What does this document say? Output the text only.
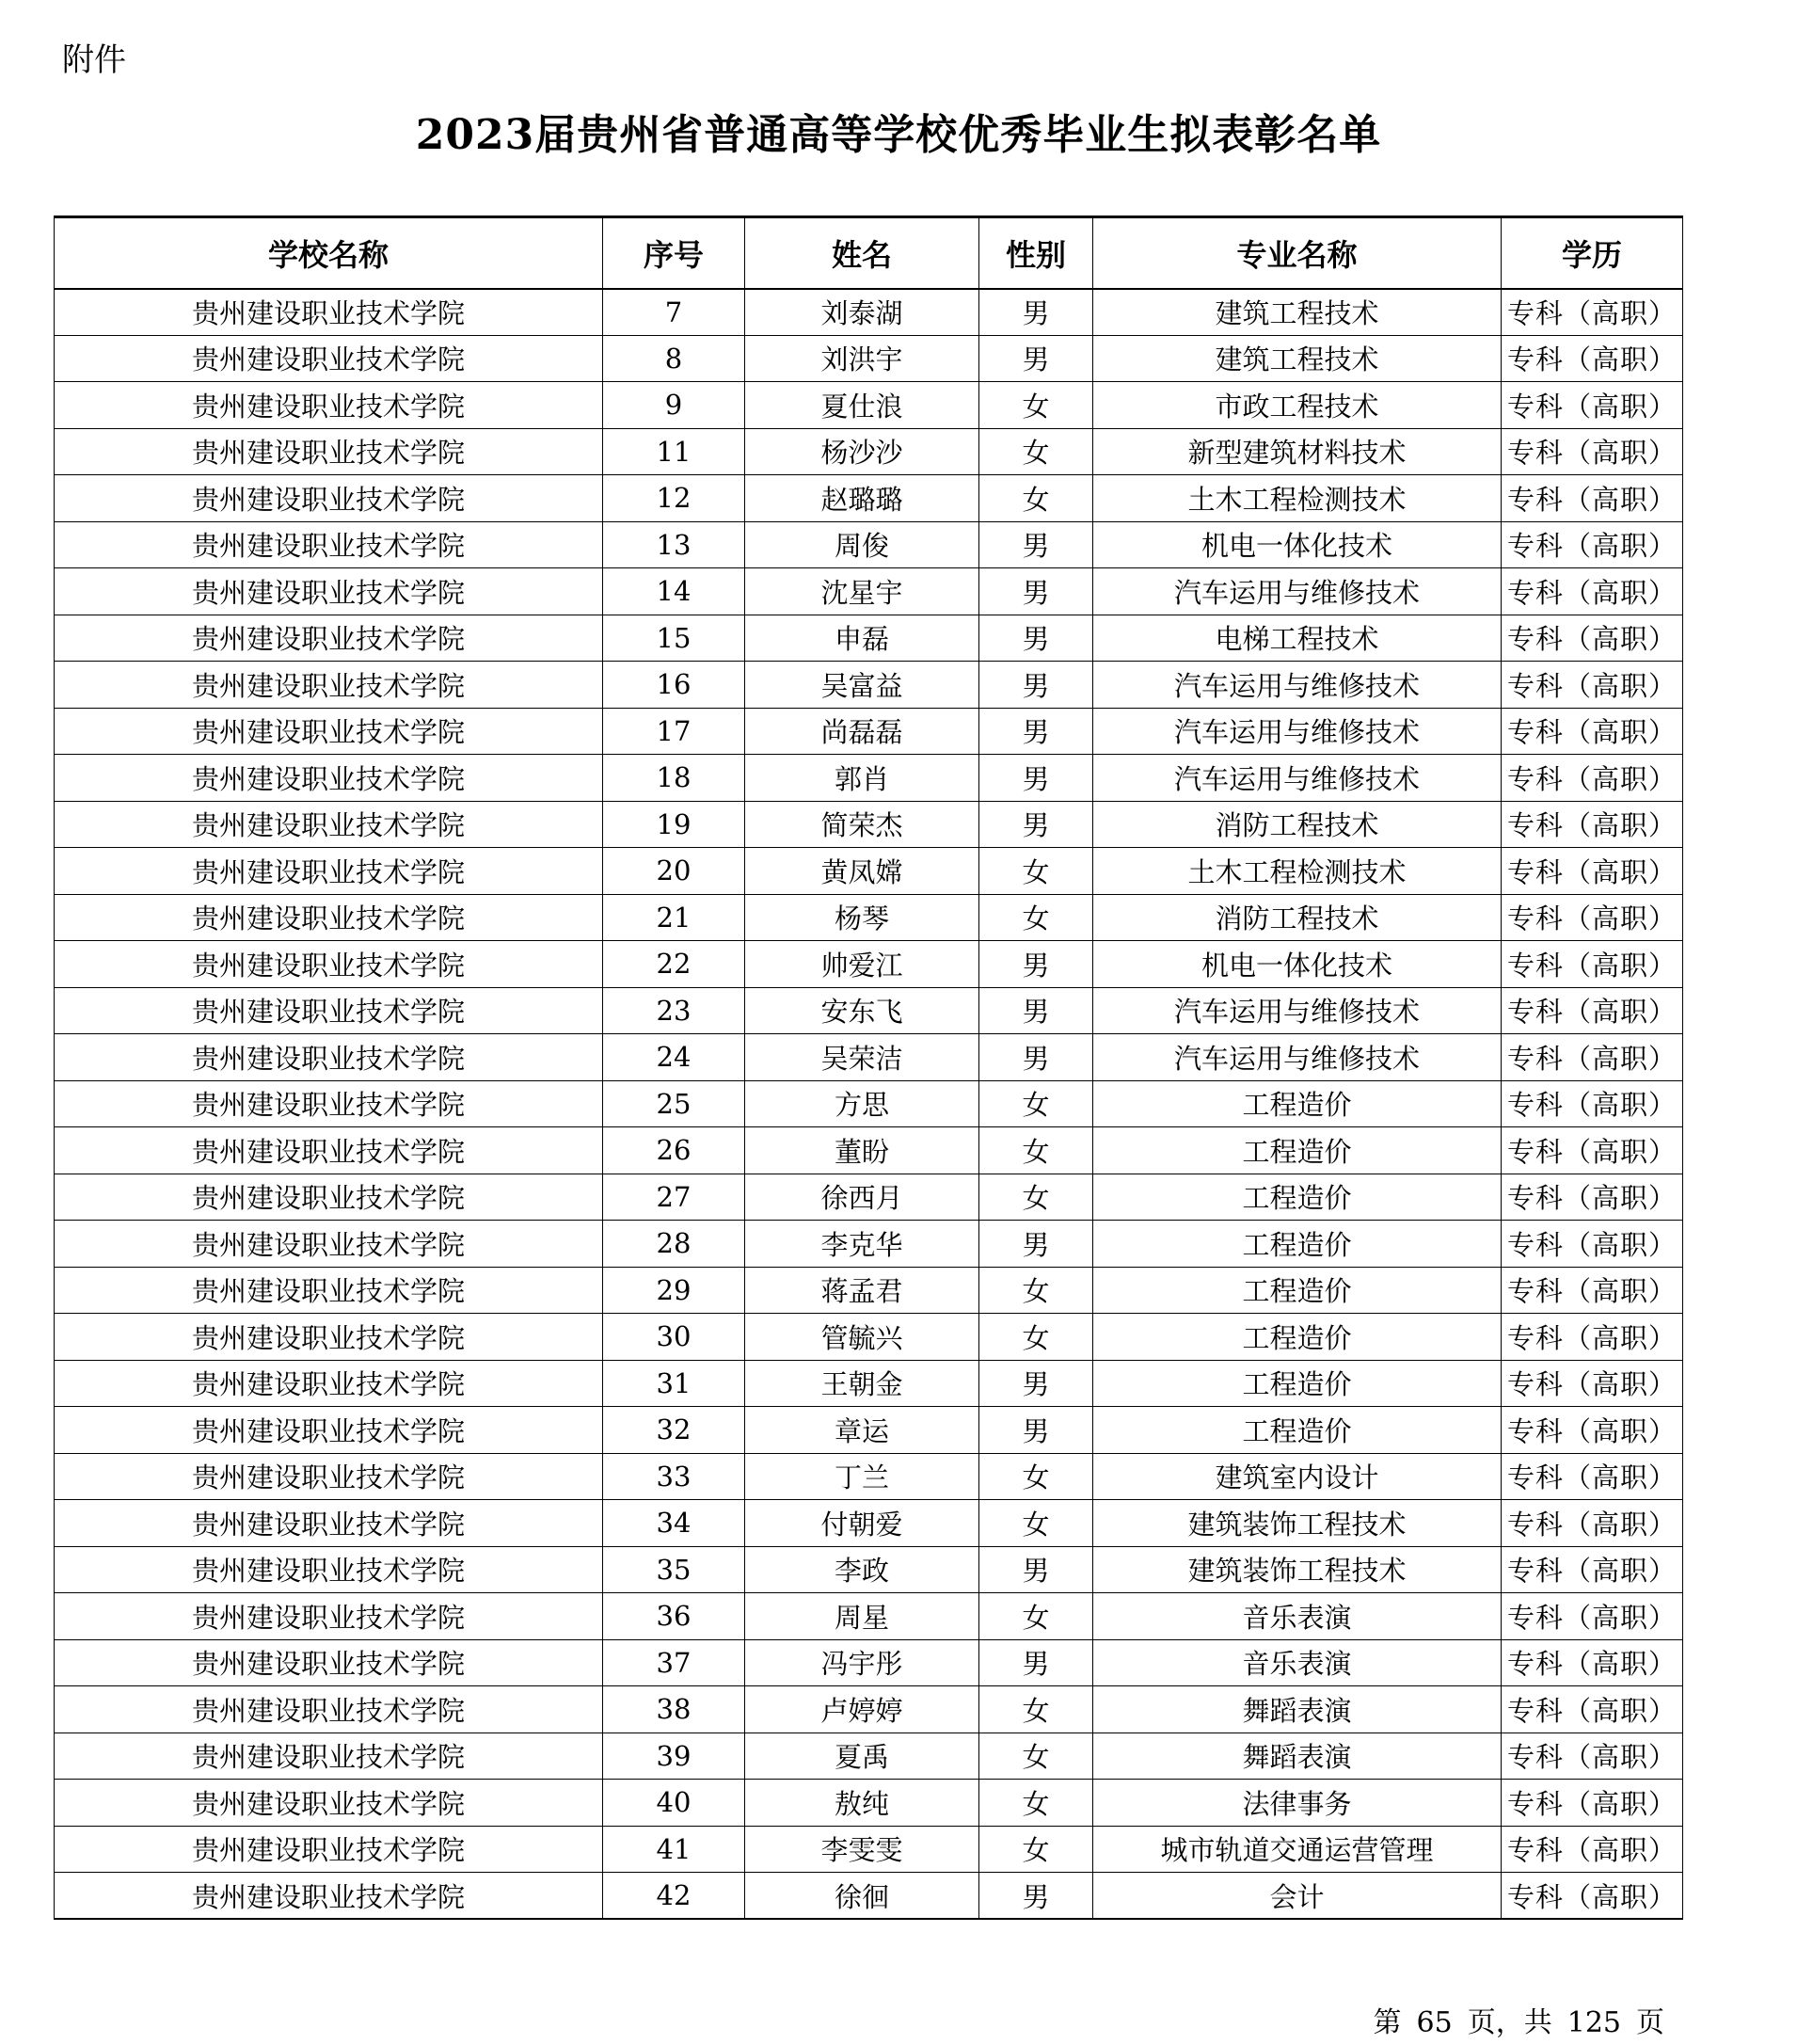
附件
2023届贵州省普通高等学校优秀毕业生拟表彰名单
学校名称	序号	姓名	性别	专业名称	学历
贵州建设职业技术学院	7	刘泰湖	男	建筑工程技术	专科（高职）
贵州建设职业技术学院	8	刘洪宇	男	建筑工程技术	专科（高职）
贵州建设职业技术学院	9	夏仕浪	女	市政工程技术	专科（高职）
贵州建设职业技术学院	11	杨沙沙	女	新型建筑材料技术	专科（高职）
贵州建设职业技术学院	12	赵璐璐	女	土木工程检测技术	专科（高职）
贵州建设职业技术学院	13	周俊	男	机电一体化技术	专科（高职）
贵州建设职业技术学院	14	沈星宇	男	汽车运用与维修技术	专科（高职）
贵州建设职业技术学院	15	申磊	男	电梯工程技术	专科（高职）
贵州建设职业技术学院	16	吴富益	男	汽车运用与维修技术	专科（高职）
贵州建设职业技术学院	17	尚磊磊	男	汽车运用与维修技术	专科（高职）
贵州建设职业技术学院	18	郭肖	男	汽车运用与维修技术	专科（高职）
贵州建设职业技术学院	19	简荣杰	男	消防工程技术	专科（高职）
贵州建设职业技术学院	20	黄凤嫦	女	土木工程检测技术	专科（高职）
贵州建设职业技术学院	21	杨琴	女	消防工程技术	专科（高职）
贵州建设职业技术学院	22	帅爱江	男	机电一体化技术	专科（高职）
贵州建设职业技术学院	23	安东飞	男	汽车运用与维修技术	专科（高职）
贵州建设职业技术学院	24	吴荣洁	男	汽车运用与维修技术	专科（高职）
贵州建设职业技术学院	25	方思	女	工程造价	专科（高职）
贵州建设职业技术学院	26	董盼	女	工程造价	专科（高职）
贵州建设职业技术学院	27	徐西月	女	工程造价	专科（高职）
贵州建设职业技术学院	28	李克华	男	工程造价	专科（高职）
贵州建设职业技术学院	29	蒋孟君	女	工程造价	专科（高职）
贵州建设职业技术学院	30	管毓兴	女	工程造价	专科（高职）
贵州建设职业技术学院	31	王朝金	男	工程造价	专科（高职）
贵州建设职业技术学院	32	章运	男	工程造价	专科（高职）
贵州建设职业技术学院	33	丁兰	女	建筑室内设计	专科（高职）
贵州建设职业技术学院	34	付朝爱	女	建筑装饰工程技术	专科（高职）
贵州建设职业技术学院	35	李政	男	建筑装饰工程技术	专科（高职）
贵州建设职业技术学院	36	周星	女	音乐表演	专科（高职）
贵州建设职业技术学院	37	冯宇彤	男	音乐表演	专科（高职）
贵州建设职业技术学院	38	卢婷婷	女	舞蹈表演	专科（高职）
贵州建设职业技术学院	39	夏禹	女	舞蹈表演	专科（高职）
贵州建设职业技术学院	40	敖纯	女	法律事务	专科（高职）
贵州建设职业技术学院	41	李雯雯	女	城市轨道交通运营管理	专科（高职）
贵州建设职业技术学院	42	徐徊	男	会计	专科（高职）
第 65 页，共 125 页
